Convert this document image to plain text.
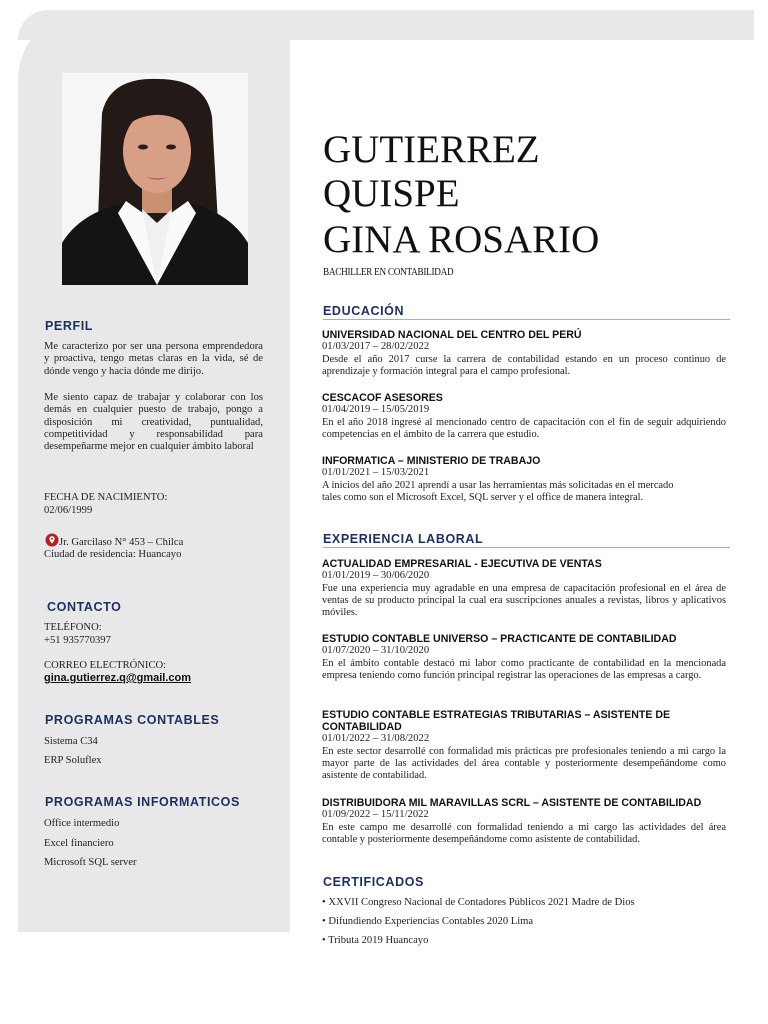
PERFIL
Me caracterizo por ser una persona emprendedora y proactiva, tengo metas claras en la vida, sé de dónde vengo y hacia dónde me dirijo.
Me siento capaz de trabajar y colaborar con los demás en cualquier puesto de trabajo, pongo a disposición mi creatividad, puntualidad, competitividad y responsabilidad para desempeñarme mejor en cualquier ámbito laboral
FECHA DE NACIMIENTO:
02/06/1999
Jr. Garcilaso N° 453 – Chilca
Ciudad de residencia: Huancayo
CONTACTO
TELÉFONO:
+51 935770397
CORREO ELECTRÓNICO:
gina.gutierrez.q@gmail.com
PROGRAMAS CONTABLES
Sistema C34
ERP Soluflex
PROGRAMAS INFORMATICOS
Office intermedio
Excel financiero
Microsoft SQL server
GUTIERREZ
QUISPE
GINA ROSARIO
BACHILLER EN CONTABILIDAD
EDUCACIÓN
UNIVERSIDAD NACIONAL DEL CENTRO DEL PERÚ
01/03/2017 – 28/02/2022
Desde el año 2017 curse la carrera de contabilidad estando en un proceso continuo de aprendizaje y formación integral para el campo profesional.
CESCACOF ASESORES
01/04/2019 – 15/05/2019
En el año 2018 ingresé al mencionado centro de capacitación con el fin de seguir adquiriendo competencias en el ámbito de la carrera que estudio.
INFORMATICA – MINISTERIO DE TRABAJO
01/01/2021 – 15/03/2021
A inicios del año 2021 aprendí a usar las herramientas más solicitadas en el mercado tales como son el Microsoft Excel, SQL server y el office de manera integral.
EXPERIENCIA LABORAL
ACTUALIDAD EMPRESARIAL - EJECUTIVA DE VENTAS
01/01/2019 – 30/06/2020
Fue una experiencia muy agradable en una empresa de capacitación profesional en el área de ventas de su producto principal la cual era suscripciones anuales a revistas, libros y aplicativos móviles.
ESTUDIO CONTABLE UNIVERSO – PRACTICANTE DE CONTABILIDAD
01/07/2020 – 31/10/2020
En el ámbito contable destacó mi labor como practicante de contabilidad en la mencionada empresa teniendo como función principal registrar las operaciones de las empresas a cargo.
ESTUDIO CONTABLE ESTRATEGIAS TRIBUTARIAS – ASISTENTE DE CONTABILIDAD
01/01/2022 – 31/08/2022
En este sector desarrollé con formalidad mis prácticas pre profesionales teniendo a mi cargo la mayor parte de las actividades del área contable y posteriormente desempeñándome como asistente de contabilidad.
DISTRIBUIDORA MIL MARAVILLAS SCRL – ASISTENTE DE CONTABILIDAD
01/09/2022 – 15/11/2022
En este campo me desarrollé con formalidad teniendo a mi cargo las actividades del área contable y posteriormente desempeñándome como asistente de contabilidad.
CERTIFICADOS
• XXVII Congreso Nacional de Contadores Públicos 2021 Madre de Dios
• Difundiendo Experiencias Contables 2020 Lima
• Tributa 2019 Huancayo
